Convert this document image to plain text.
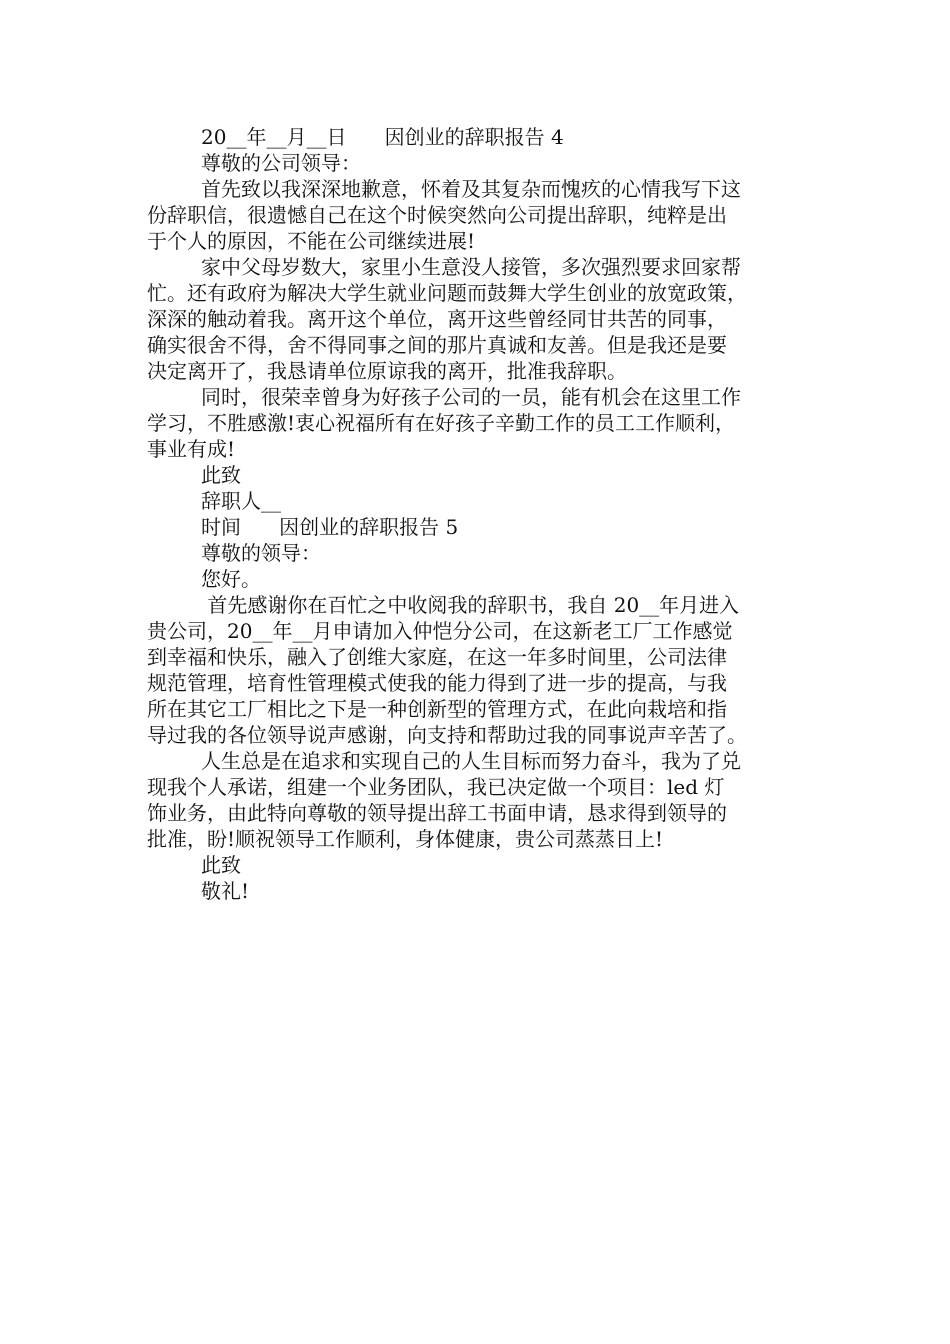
20__年__月__日      因创业的辞职报告 4
尊敬的公司领导：
首先致以我深深地歉意，怀着及其复杂而愧疚的心情我写下这
份辞职信，很遗憾自己在这个时候突然向公司提出辞职，纯粹是出
于个人的原因，不能在公司继续进展!
家中父母岁数大，家里小生意没人接管，多次强烈要求回家帮
忙。还有政府为解决大学生就业问题而鼓舞大学生创业的放宽政策，
深深的触动着我。离开这个单位，离开这些曾经同甘共苦的同事，
确实很舍不得，舍不得同事之间的那片真诚和友善。但是我还是要
决定离开了，我恳请单位原谅我的离开，批准我辞职。
同时，很荣幸曾身为好孩子公司的一员，能有机会在这里工作
学习，不胜感激!衷心祝福所有在好孩子辛勤工作的员工工作顺利，
事业有成!
此致
辞职人__
时间      因创业的辞职报告 5
尊敬的领导：
您好。
首先感谢你在百忙之中收阅我的辞职书，我自 20__年月进入
贵公司，20__年__月申请加入仲恺分公司，在这新老工厂工作感觉
到幸福和快乐，融入了创维大家庭，在这一年多时间里，公司法律
规范管理，培育性管理模式使我的能力得到了进一步的提高，与我
所在其它工厂相比之下是一种创新型的管理方式，在此向栽培和指
导过我的各位领导说声感谢，向支持和帮助过我的同事说声辛苦了。
人生总是在追求和实现自己的人生目标而努力奋斗，我为了兑
现我个人承诺，组建一个业务团队，我已决定做一个项目：led 灯
饰业务，由此特向尊敬的领导提出辞工书面申请，恳求得到领导的
批准，盼!顺祝领导工作顺利，身体健康，贵公司蒸蒸日上!
此致
敬礼!
